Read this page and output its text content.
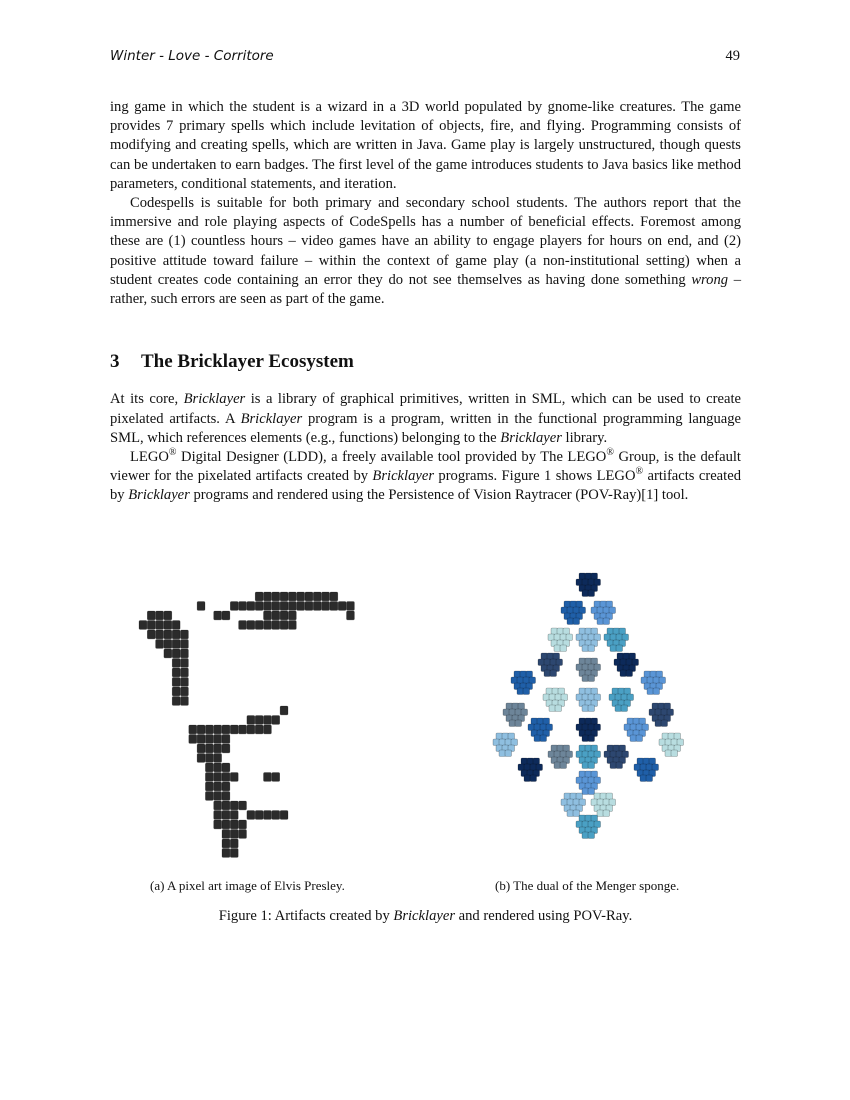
Winter - Love - Corritore	49

ing game in which the student is a wizard in a 3D world populated by gnome-like creatures. The game provides 7 primary spells which include levitation of objects, fire, and flying. Programming consists of modifying and creating spells, which are written in Java. Game play is largely unstructured, though quests can be undertaken to earn badges. The first level of the game introduces students to Java basics like method parameters, conditional statements, and iteration.

Codespells is suitable for both primary and secondary school students. The authors report that the immersive and role playing aspects of CodeSpells has a number of beneficial effects. Foremost among these are (1) countless hours – video games have an ability to engage players for hours on end, and (2) positive attitude toward failure – within the context of game play (a non-institutional setting) when a student creates code containing an error they do not see themselves as having done something wrong – rather, such errors are seen as part of the game.

3 The Bricklayer Ecosystem

At its core, Bricklayer is a library of graphical primitives, written in SML, which can be used to create pixelated artifacts. A Bricklayer program is a program, written in the functional programming language SML, which references elements (e.g., functions) belonging to the Bricklayer library.

LEGO® Digital Designer (LDD), a freely available tool provided by The LEGO® Group, is the default viewer for the pixelated artifacts created by Bricklayer programs. Figure 1 shows LEGO® artifacts created by Bricklayer programs and rendered using the Persistence of Vision Raytracer (POV-Ray)[1] tool.

(a) A pixel art image of Elvis Presley.	(b) The dual of the Menger sponge.
Figure 1: Artifacts created by Bricklayer and rendered using POV-Ray.
